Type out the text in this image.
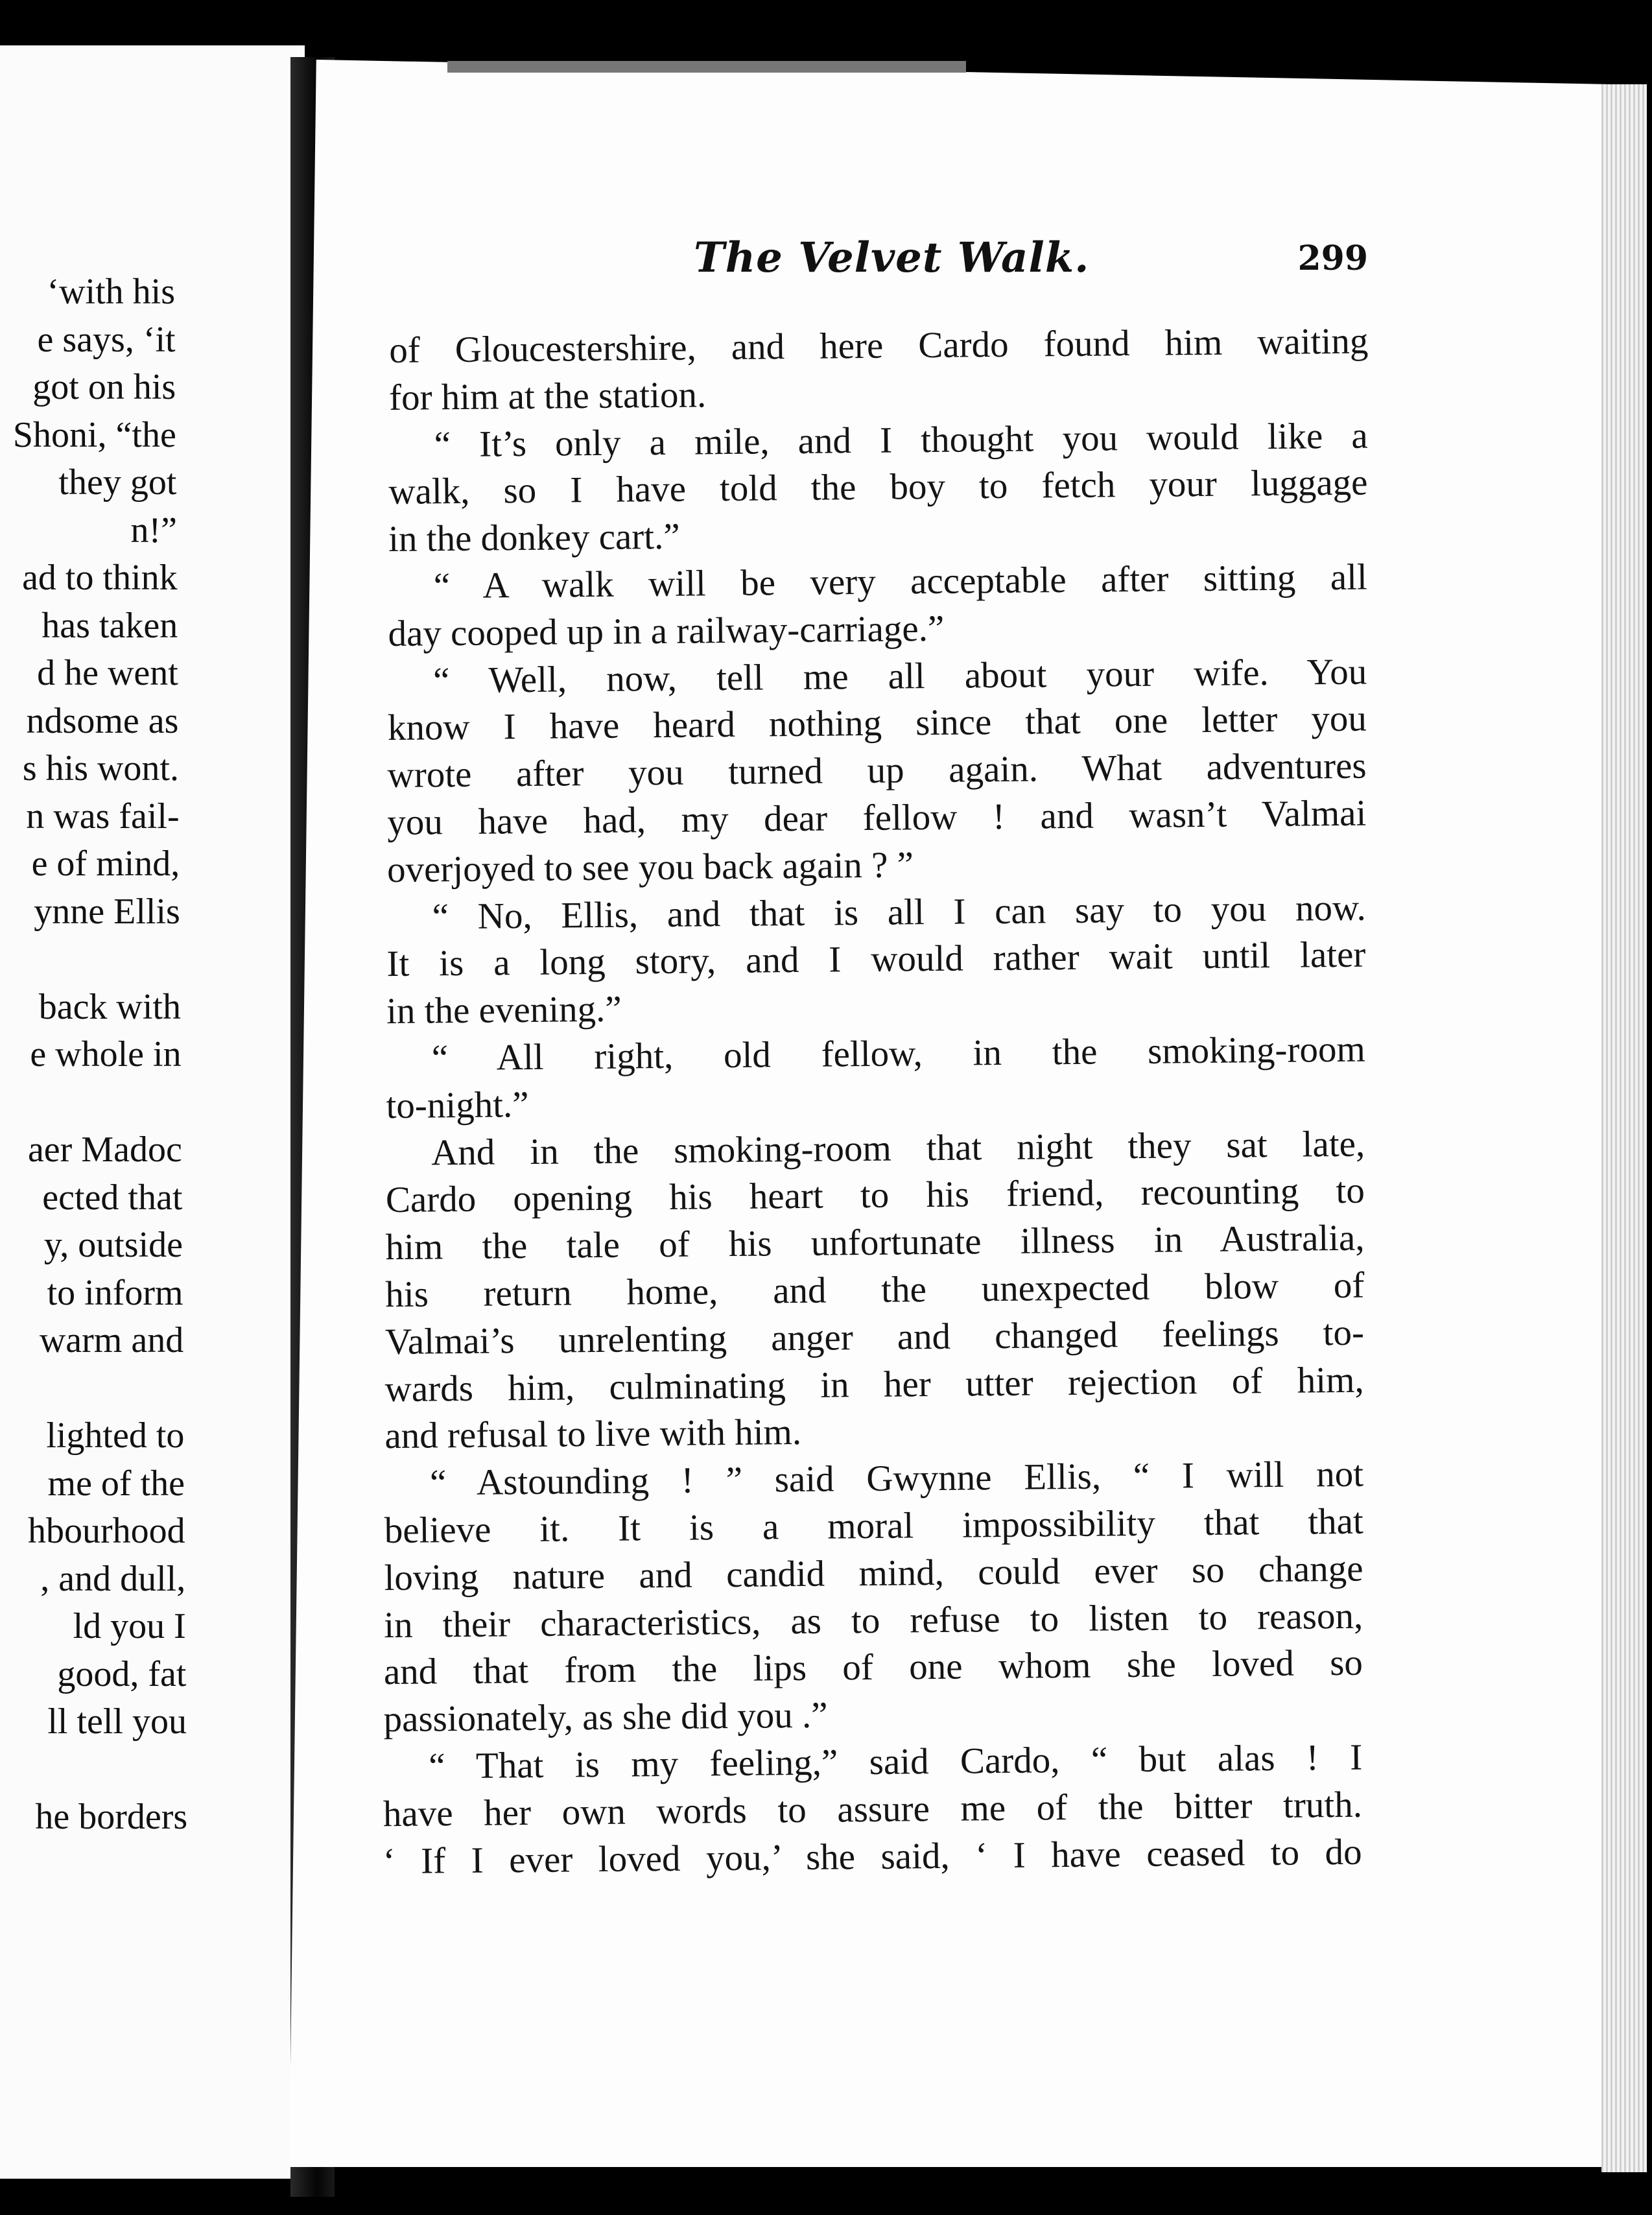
‘with his
e says, ‘it
got on his
Shoni, “the
they got
n!”
ad to think
has taken
d he went
ndsome as
s his wont.
n was fail-
e of mind,
ynne Ellis
back with
e whole in
aer Madoc
ected that
y, outside
to inform
warm and
lighted to
me of the
hbourhood
, and dull,
ld you I
good, fat
ll tell you
he borders
The Velvet Walk.	299
of Gloucestershire, and here Cardo found him waiting
for him at the station.
“ It’s only a mile, and I thought you would like a
walk, so I have told the boy to fetch your luggage
in the donkey cart.”
“ A walk will be very acceptable after sitting all
day cooped up in a railway-carriage.”
“ Well, now, tell me all about your wife. You
know I have heard nothing since that one letter you
wrote after you turned up again. What adventures
you have had, my dear fellow ! and wasn’t Valmai
overjoyed to see you back again ? ”
“ No, Ellis, and that is all I can say to you now.
It is a long story, and I would rather wait until later
in the evening.”
“ All right, old fellow, in the smoking-room
to-night.”
And in the smoking-room that night they sat late,
Cardo opening his heart to his friend, recounting to
him the tale of his unfortunate illness in Australia,
his return home, and the unexpected blow of
Valmai’s unrelenting anger and changed feelings to-
wards him, culminating in her utter rejection of him,
and refusal to live with him.
“ Astounding ! ” said Gwynne Ellis, “ I will not
believe it. It is a moral impossibility that that
loving nature and candid mind, could ever so change
in their characteristics, as to refuse to listen to reason,
and that from the lips of one whom she loved so
passionately, as she did you .”
“ That is my feeling,” said Cardo, “ but alas ! I
have her own words to assure me of the bitter truth.
‘ If I ever loved you,’ she said, ‘ I have ceased to do
